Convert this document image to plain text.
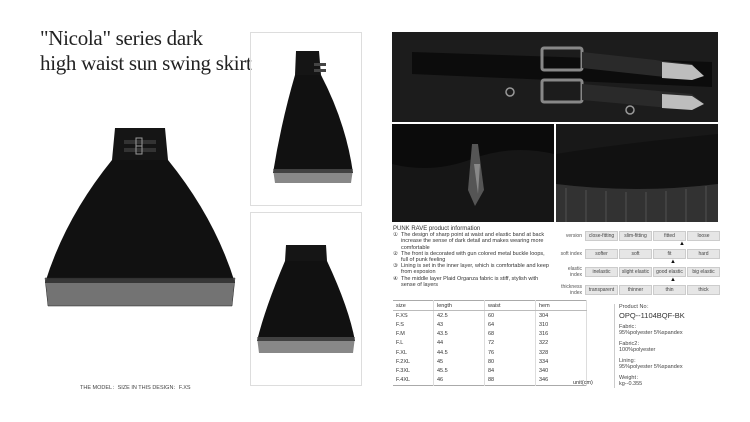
"Nicola" series dark
high waist sun swing skirt
THE MODEL：SIZE IN THIS DESIGN：F.XS
PUNK RAVE product information
① The design of sharp point at waist and elastic band at back increase the sense of dark detail and makes wearing more comfortable
② The front is decorated with gun colored metal buckle loops, full of punk feeling
③ Lining is set in the inner layer, which is comfortable and keep from exposion
④ The middle layer Plaid Organza fabric is stiff, stylish with sense of layers
version	close-fitting	slim-fitting	fitted	loose
▲
soft index	softer	soft	fit	hard
▲
elastic index	inelastic	slight elastic	good elastic	big elastic
▲
thickness index	transparent	thinner	thin	thick
size	length	waist	hem
F.XS	42.5	60	304
F.S	43	64	310
F.M	43.5	68	316
F.L	44	72	322
F.XL	44.5	76	328
F.2XL	45	80	334
F.3XL	45.5	84	340
F.4XL	46	88	346	unit(cm)
Product No：
OPQ--1104BQF-BK
Fabric：
95%polyester 5%spandex
Fabric2：
100%polyester
Lining：
95%polyester 5%spandex
Weight：
kg--0.355
